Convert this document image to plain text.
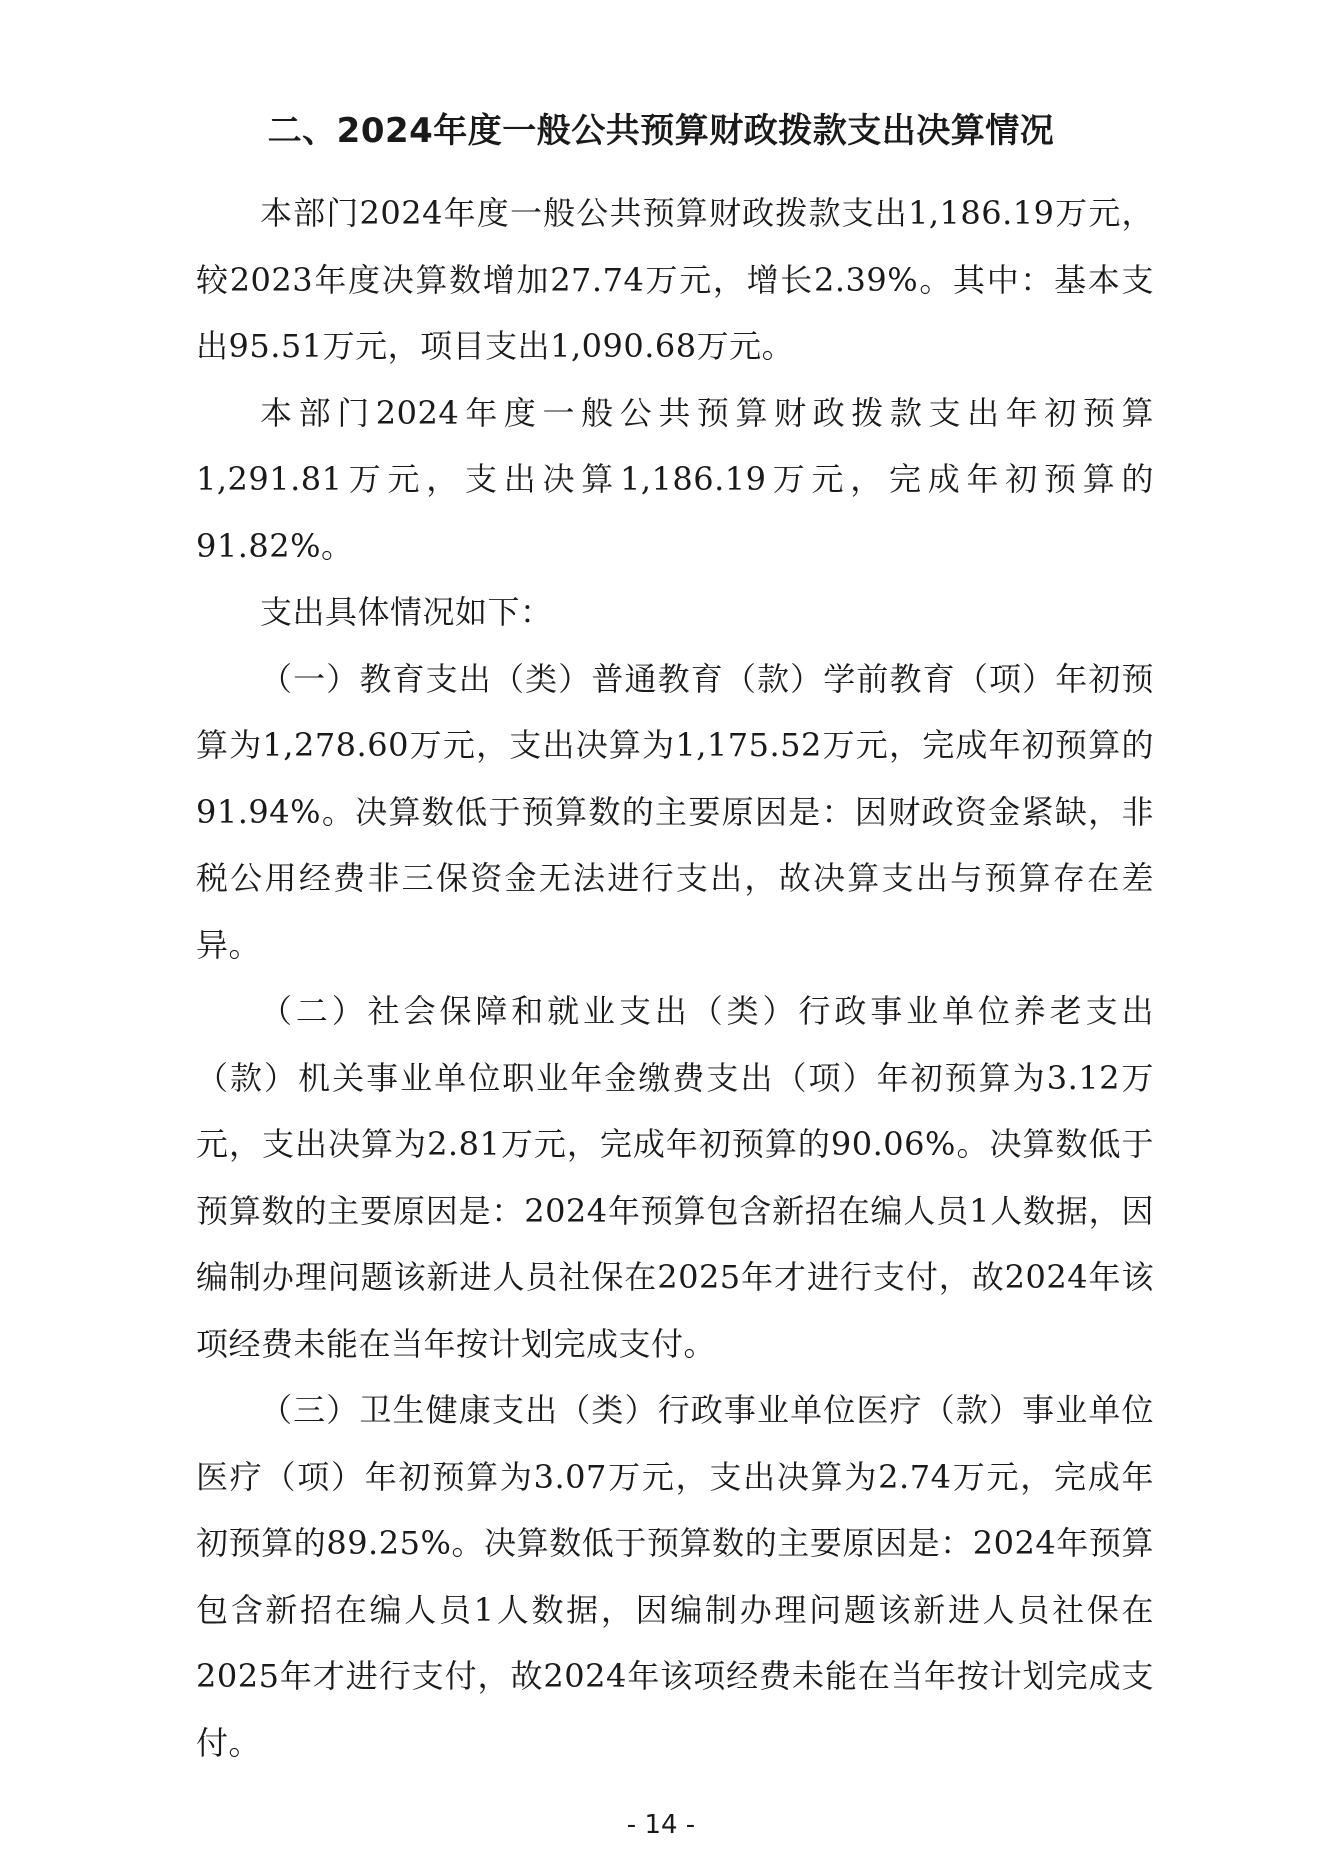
二、2024年度一般公共预算财政拨款支出决算情况

本部门2024年度一般公共预算财政拨款支出1,186.19万元，较2023年度决算数增加27.74万元，增长2.39%。其中：基本支出95.51万元，项目支出1,090.68万元。

本部门2024年度一般公共预算财政拨款支出年初预算1,291.81万元，支出决算1,186.19万元，完成年初预算的91.82%。

支出具体情况如下：

（一）教育支出（类）普通教育（款）学前教育（项）年初预算为1,278.60万元，支出决算为1,175.52万元，完成年初预算的91.94%。决算数低于预算数的主要原因是：因财政资金紧缺，非税公用经费非三保资金无法进行支出，故决算支出与预算存在差异。

（二）社会保障和就业支出（类）行政事业单位养老支出（款）机关事业单位职业年金缴费支出（项）年初预算为3.12万元，支出决算为2.81万元，完成年初预算的90.06%。决算数低于预算数的主要原因是：2024年预算包含新招在编人员1人数据，因编制办理问题该新进人员社保在2025年才进行支付，故2024年该项经费未能在当年按计划完成支付。

（三）卫生健康支出（类）行政事业单位医疗（款）事业单位医疗（项）年初预算为3.07万元，支出决算为2.74万元，完成年初预算的89.25%。决算数低于预算数的主要原因是：2024年预算包含新招在编人员1人数据，因编制办理问题该新进人员社保在2025年才进行支付，故2024年该项经费未能在当年按计划完成支付。

- 14 -
